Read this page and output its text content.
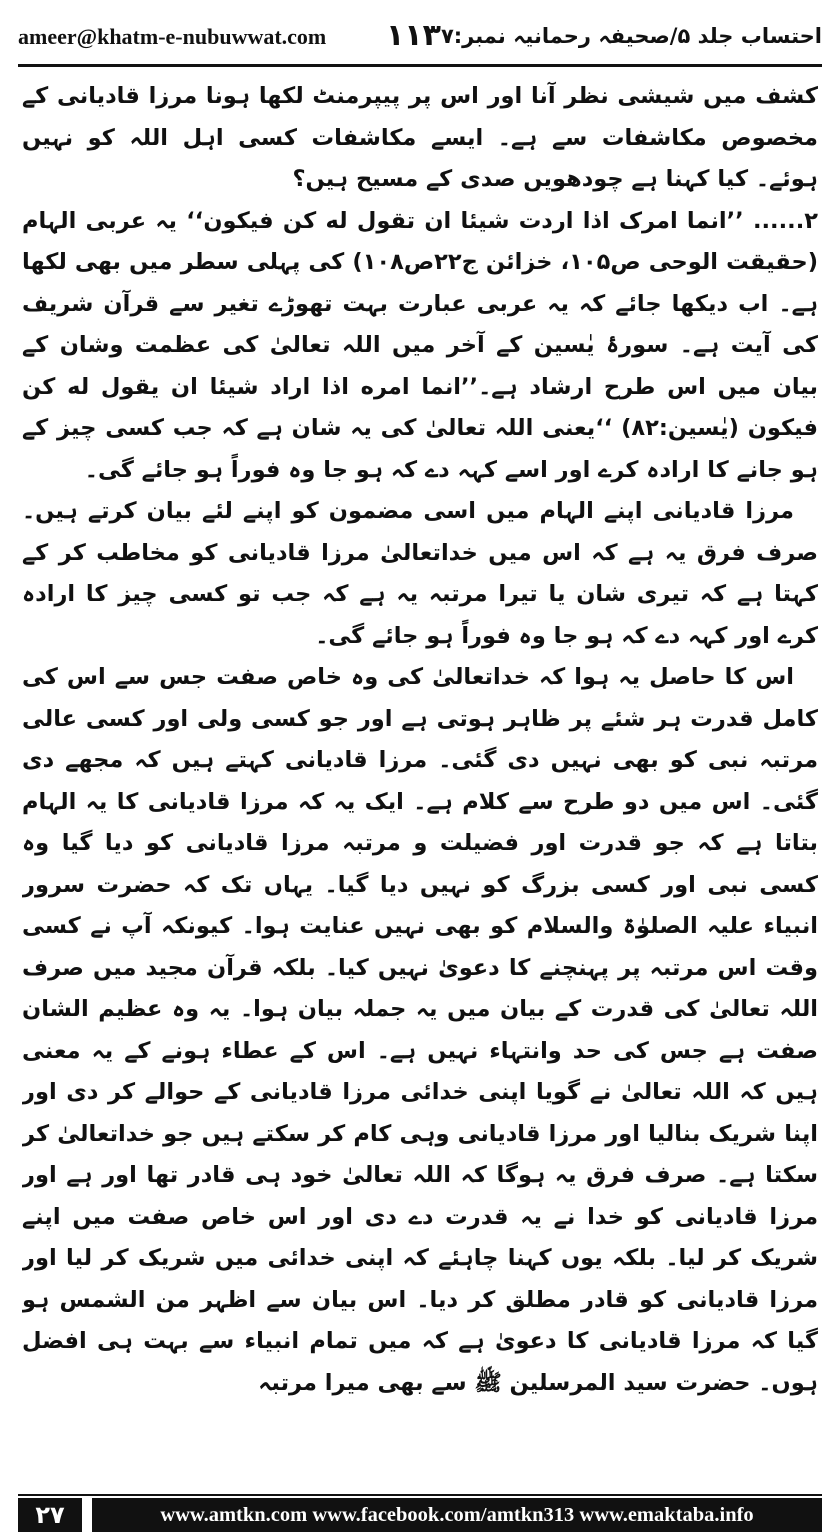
ameer@khatm-e-nubuwwat.com ۱۱۳ احتساب جلد ۵/صحیفہ رحمانیہ نمبر:۷

کشف میں شیشی نظر آنا اور اس پر پیپرمنٹ لکھا ہونا مرزا قادیانی کے مخصوص مکاشفات سے ہے۔ ایسے مکاشفات کسی اہل اللہ کو نہیں ہوئے۔ کیا کہنا ہے چودھویں صدی کے مسیح ہیں؟

۲...... ’’انما امرک اذا اردت شیئا ان تقول له کن فیکون‘‘ یہ عربی الہام (حقیقت الوحی ص۱۰۵، خزائن ج۲۲ص۱۰۸) کی پہلی سطر میں بھی لکھا ہے۔ اب دیکھا جائے کہ یہ عربی عبارت بہت تھوڑے تغیر سے قرآن شریف کی آیت ہے۔ سورۂ یٰسین کے آخر میں اللہ تعالیٰ کی عظمت وشان کے بیان میں اس طرح ارشاد ہے۔’’انما امره اذا اراد شیئا ان یقول له کن فیکون (یٰسین:۸۲) ‘‘یعنی اللہ تعالیٰ کی یہ شان ہے کہ جب کسی چیز کے ہو جانے کا ارادہ کرے اور اسے کہہ دے کہ ہو جا وہ فوراً ہو جائے گی۔

مرزا قادیانی اپنے الہام میں اسی مضمون کو اپنے لئے بیان کرتے ہیں۔ صرف فرق یہ ہے کہ اس میں خداتعالیٰ مرزا قادیانی کو مخاطب کر کے کہتا ہے کہ تیری شان یا تیرا مرتبہ یہ ہے کہ جب تو کسی چیز کا ارادہ کرے اور کہہ دے کہ ہو جا وہ فوراً ہو جائے گی۔

اس کا حاصل یہ ہوا کہ خداتعالیٰ کی وہ خاص صفت جس سے اس کی کامل قدرت ہر شئے پر ظاہر ہوتی ہے اور جو کسی ولی اور کسی عالی مرتبہ نبی کو بھی نہیں دی گئی۔ مرزا قادیانی کہتے ہیں کہ مجھے دی گئی۔ اس میں دو طرح سے کلام ہے۔ ایک یہ کہ مرزا قادیانی کا یہ الہام بتاتا ہے کہ جو قدرت اور فضیلت و مرتبہ مرزا قادیانی کو دیا گیا وہ کسی نبی اور کسی بزرگ کو نہیں دیا گیا۔ یہاں تک کہ حضرت سرور انبیاء علیہ الصلوٰۃ والسلام کو بھی نہیں عنایت ہوا۔ کیونکہ آپ نے کسی وقت اس مرتبہ پر پہنچنے کا دعویٰ نہیں کیا۔ بلکہ قرآن مجید میں صرف اللہ تعالیٰ کی قدرت کے بیان میں یہ جملہ بیان ہوا۔ یہ وہ عظیم الشان صفت ہے جس کی حد وانتہاء نہیں ہے۔ اس کے عطاء ہونے کے یہ معنی ہیں کہ اللہ تعالیٰ نے گویا اپنی خدائی مرزا قادیانی کے حوالے کر دی اور اپنا شریک بنالیا اور مرزا قادیانی وہی کام کر سکتے ہیں جو خداتعالیٰ کر سکتا ہے۔ صرف فرق یہ ہوگا کہ اللہ تعالیٰ خود ہی قادر تھا اور ہے اور مرزا قادیانی کو خدا نے یہ قدرت دے دی اور اس خاص صفت میں اپنے شریک کر لیا۔ بلکہ یوں کہنا چاہئے کہ اپنی خدائی میں شریک کر لیا اور مرزا قادیانی کو قادر مطلق کر دیا۔ اس بیان سے اظہر من الشمس ہو گیا کہ مرزا قادیانی کا دعویٰ ہے کہ میں تمام انبیاء سے بہت ہی افضل ہوں۔ حضرت سید المرسلین ﷺ سے بھی میرا مرتبہ

۲۷	www.amtkn.com www.facebook.com/amtkn313 www.emaktaba.info
